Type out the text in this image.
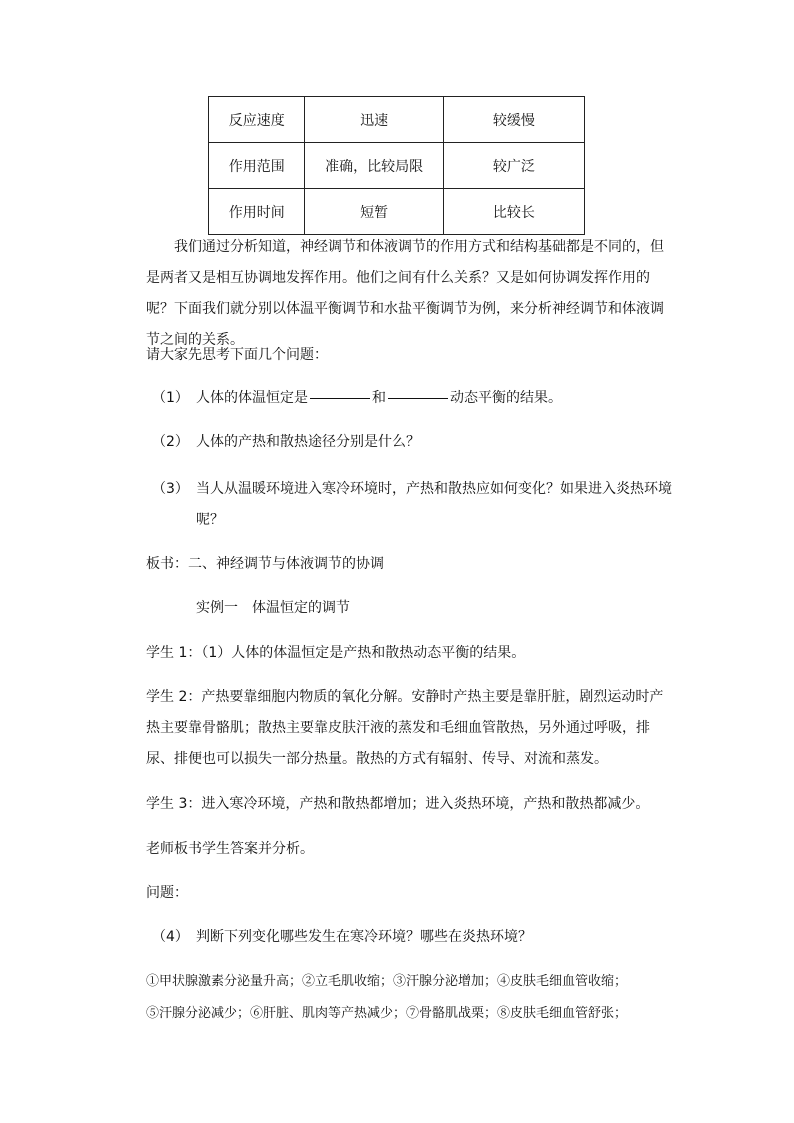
反应速度	迅速	较缓慢
作用范围	准确，比较局限	较广泛
作用时间	短暂	比较长
我们通过分析知道，神经调节和体液调节的作用方式和结构基础都是不同的，但是两者又是相互协调地发挥作用。他们之间有什么关系？又是如何协调发挥作用的呢？下面我们就分别以体温平衡调节和水盐平衡调节为例，来分析神经调节和体液调节之间的关系。
请大家先思考下面几个问题：
（1） 人体的体温恒定是	和	动态平衡的结果。
（2） 人体的产热和散热途径分别是什么？
（3） 当人从温暖环境进入寒冷环境时，产热和散热应如何变化？如果进入炎热环境呢？
板书：二、神经调节与体液调节的协调
实例一　体温恒定的调节
学生 1：（1）人体的体温恒定是产热和散热动态平衡的结果。
学生 2：产热要靠细胞内物质的氧化分解。安静时产热主要是靠肝脏，剧烈运动时产热主要靠骨骼肌；散热主要靠皮肤汗液的蒸发和毛细血管散热，另外通过呼吸，排尿、排便也可以损失一部分热量。散热的方式有辐射、传导、对流和蒸发。
学生 3：进入寒冷环境，产热和散热都增加；进入炎热环境，产热和散热都减少。
老师板书学生答案并分析。
问题：
（4） 判断下列变化哪些发生在寒冷环境？哪些在炎热环境？
①甲状腺激素分泌量升高；②立毛肌收缩；③汗腺分泌增加；④皮肤毛细血管收缩；
⑤汗腺分泌减少；⑥肝脏、肌肉等产热减少；⑦骨骼肌战栗；⑧皮肤毛细血管舒张；
